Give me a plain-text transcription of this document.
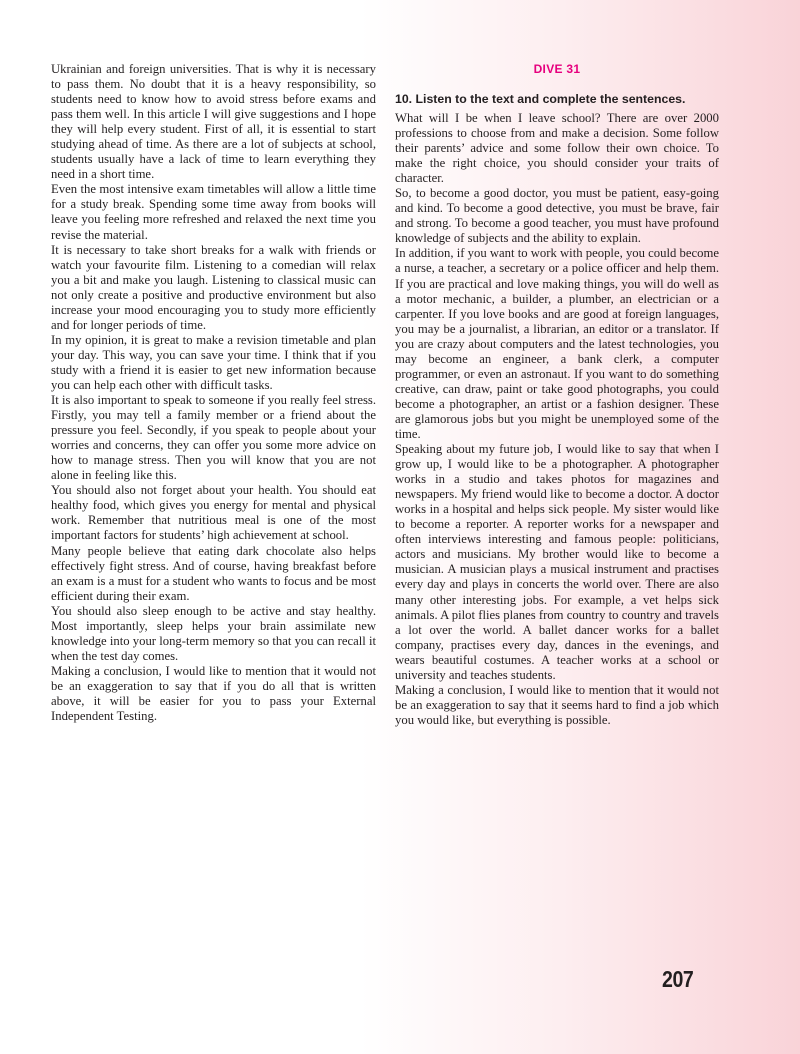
Ukrainian and foreign universities. That is why it is necessary to pass them. No doubt that it is a heavy responsibility, so students need to know how to avoid stress before exams and pass them well. In this article I will give suggestions and I hope they will help every student. First of all, it is essential to start studying ahead of time. As there are a lot of subjects at school, students usually have a lack of time to learn everything they need in a short time.

Even the most intensive exam timetables will allow a little time for a study break. Spending some time away from books will leave you feeling more refreshed and relaxed the next time you revise the material.

It is necessary to take short breaks for a walk with friends or watch your favourite film. Listening to a comedian will relax you a bit and make you laugh. Listening to classical music can not only create a positive and productive environment but also increase your mood encouraging you to study more efficiently and for longer periods of time.

In my opinion, it is great to make a revision timetable and plan your day. This way, you can save your time. I think that if you study with a friend it is easier to get new information because you can help each other with difficult tasks.

It is also important to speak to someone if you really feel stress. Firstly, you may tell a family member or a friend about the pressure you feel. Secondly, if you speak to people about your worries and concerns, they can offer you some more advice on how to manage stress. Then you will know that you are not alone in feeling like this.

You should also not forget about your health. You should eat healthy food, which gives you energy for mental and physical work. Remember that nutritious meal is one of the most important factors for students’ high achievement at school.

Many people believe that eating dark chocolate also helps effectively fight stress. And of course, having breakfast before an exam is a must for a student who wants to focus and be most efficient during their exam.

You should also sleep enough to be active and stay healthy. Most importantly, sleep helps your brain assimilate new knowledge into your long-term memory so that you can recall it when the test day comes.

Making a conclusion, I would like to mention that it would not be an exaggeration to say that if you do all that is written above, it will be easier for you to pass your External Independent Testing.

DIVE 31
10. Listen to the text and complete the sentences.

What will I be when I leave school? There are over 2000 professions to choose from and make a decision. Some follow their parents’ advice and some follow their own choice. To make the right choice, you should consider your traits of character.

So, to become a good doctor, you must be patient, easy-going and kind. To become a good detective, you must be brave, fair and strong. To become a good teacher, you must have profound knowledge of subjects and the ability to explain.

In addition, if you want to work with people, you could become a nurse, a teacher, a secretary or a police officer and help them. If you are practical and love making things, you will do well as a motor mechanic, a builder, a plumber, an electrician or a carpenter. If you love books and are good at foreign languages, you may be a journalist, a librarian, an editor or a translator. If you are crazy about computers and the latest technologies, you may become an engineer, a bank clerk, a computer programmer, or even an astronaut. If you want to do something creative, can draw, paint or take good photographs, you could become a photographer, an artist or a fashion designer. These are glamorous jobs but you might be unemployed some of the time.

Speaking about my future job, I would like to say that when I grow up, I would like to be a photographer. A photographer works in a studio and takes photos for magazines and newspapers. My friend would like to become a doctor. A doctor works in a hospital and helps sick people. My sister would like to become a reporter. A reporter works for a newspaper and often interviews interesting and famous people: politicians, actors and musicians. My brother would like to become a musician. A musician plays a musical instrument and practises every day and plays in concerts the world over. There are also many other interesting jobs. For example, a vet helps sick animals. A pilot flies planes from country to country and travels a lot over the world. A ballet dancer works for a ballet company, practises every day, dances in the evenings, and wears beautiful costumes. A teacher works at a school or university and teaches students.

Making a conclusion, I would like to mention that it would not be an exaggeration to say that it seems hard to find a job which you would like, but everything is possible.

207
